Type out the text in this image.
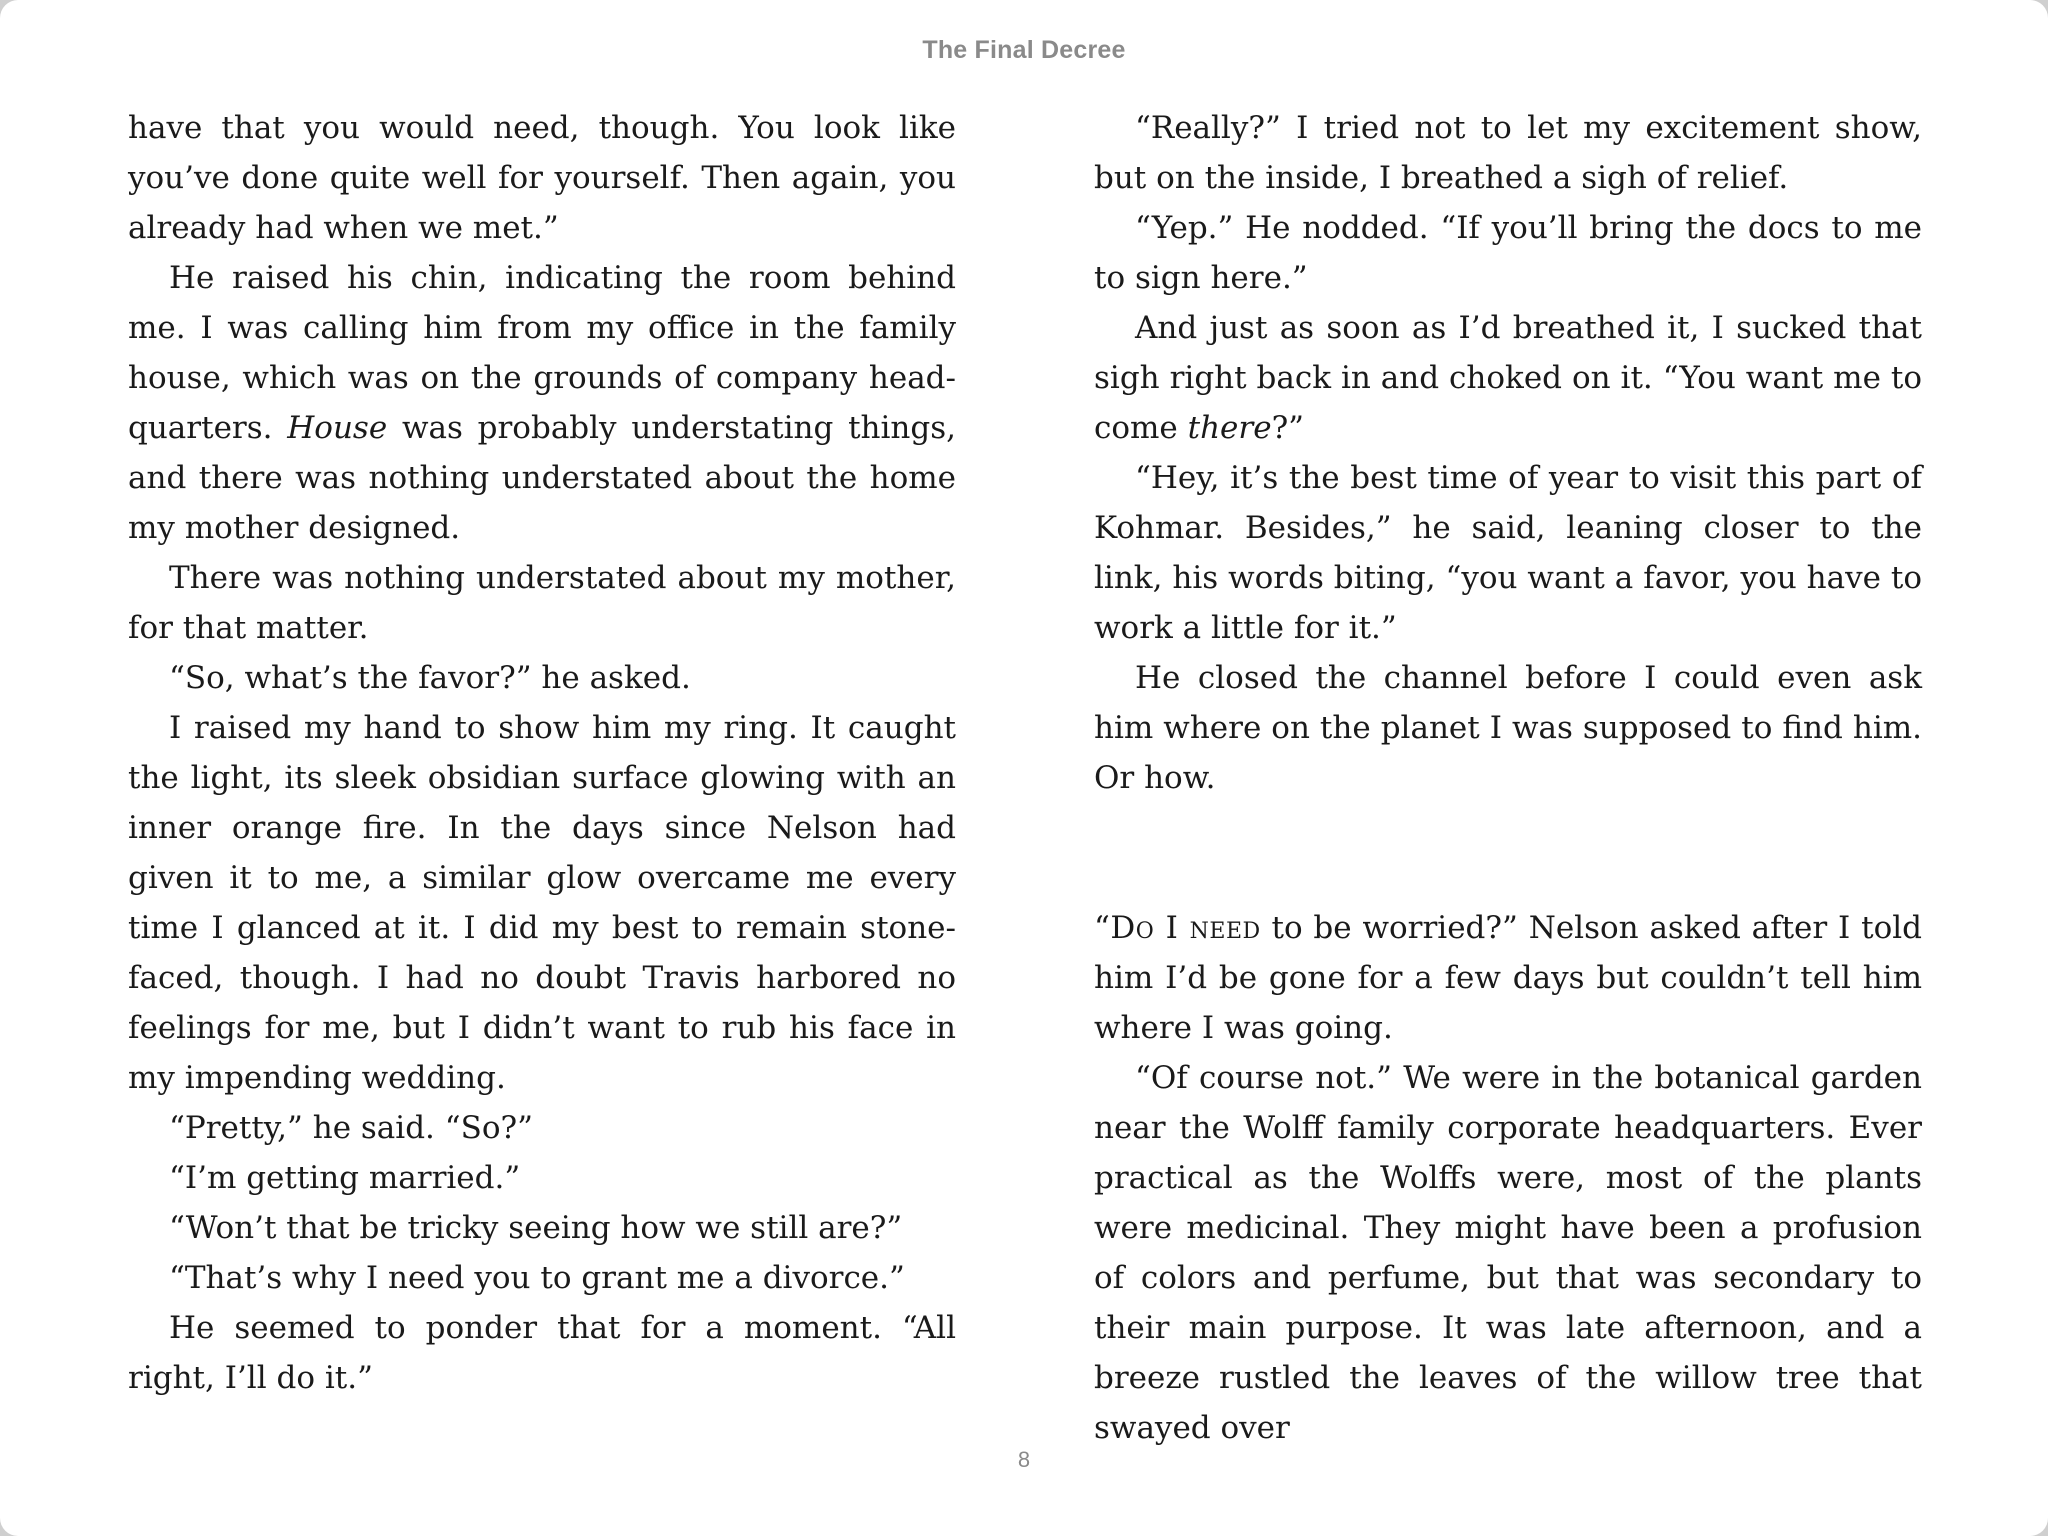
The Final Decree

have that you would need, though. You look like you’ve done quite well for yourself. Then again, you already had when we met.”

He raised his chin, indicating the room behind me. I was calling him from my office in the family house, which was on the grounds of company headquarters. House was probably understating things, and there was nothing understated about the home my mother designed.

There was nothing understated about my mother, for that matter.

“So, what’s the favor?” he asked.

I raised my hand to show him my ring. It caught the light, its sleek obsidian surface glowing with an inner orange fire. In the days since Nelson had given it to me, a similar glow overcame me every time I glanced at it. I did my best to remain stone-faced, though. I had no doubt Travis harbored no feelings for me, but I didn’t want to rub his face in my impending wedding.

“Pretty,” he said. “So?”

“I’m getting married.”

“Won’t that be tricky seeing how we still are?”

“That’s why I need you to grant me a divorce.”

He seemed to ponder that for a moment. “All right, I’ll do it.”

“Really?” I tried not to let my excitement show, but on the inside, I breathed a sigh of relief.

“Yep.” He nodded. “If you’ll bring the docs to me to sign here.”

And just as soon as I’d breathed it, I sucked that sigh right back in and choked on it. “You want me to come there?”

“Hey, it’s the best time of year to visit this part of Kohmar. Besides,” he said, leaning closer to the link, his words biting, “you want a favor, you have to work a little for it.”

He closed the channel before I could even ask him where on the planet I was supposed to find him. Or how.

“Do I need to be worried?” Nelson asked after I told him I’d be gone for a few days but couldn’t tell him where I was going.

“Of course not.” We were in the botanical garden near the Wolff family corporate headquarters. Ever practical as the Wolffs were, most of the plants were medicinal. They might have been a profusion of colors and perfume, but that was secondary to their main purpose. It was late afternoon, and a breeze rustled the leaves of the willow tree that swayed over

8
